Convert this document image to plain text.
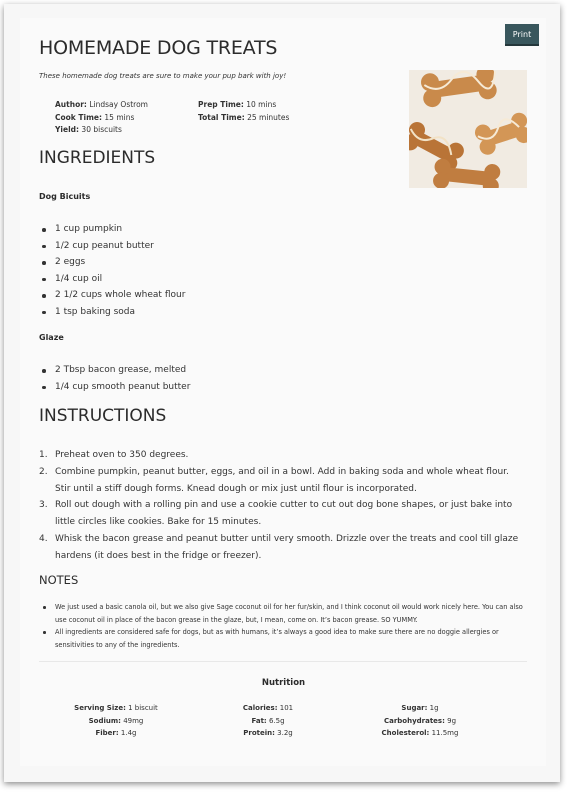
Print
HOMEMADE DOG TREATS
These homemade dog treats are sure to make your pup bark with joy!
Author: Lindsay Ostrom
Cook Time: 15 mins
Yield: 30 biscuits
Prep Time: 10 mins
Total Time: 25 minutes
INGREDIENTS
Dog Bicuits
1 cup pumpkin
1/2 cup peanut butter
2 eggs
1/4 cup oil
2 1/2 cups whole wheat flour
1 tsp baking soda
Glaze
2 Tbsp bacon grease, melted
1/4 cup smooth peanut butter
INSTRUCTIONS
1. Preheat oven to 350 degrees.
2. Combine pumpkin, peanut butter, eggs, and oil in a bowl. Add in baking soda and whole wheat flour. Stir until a stiff dough forms. Knead dough or mix just until flour is incorporated.
3. Roll out dough with a rolling pin and use a cookie cutter to cut out dog bone shapes, or just bake into little circles like cookies. Bake for 15 minutes.
4. Whisk the bacon grease and peanut butter until very smooth. Drizzle over the treats and cool till glaze hardens (it does best in the fridge or freezer).
NOTES
We just used a basic canola oil, but we also give Sage coconut oil for her fur/skin, and I think coconut oil would work nicely here. You can also use coconut oil in place of the bacon grease in the glaze, but, I mean, come on. It’s bacon grease. SO YUMMY.
All ingredients are considered safe for dogs, but as with humans, it’s always a good idea to make sure there are no doggie allergies or sensitivities to any of the ingredients.
Nutrition
Serving Size: 1 biscuit
Sodium: 49mg
Fiber: 1.4g
Calories: 101
Fat: 6.5g
Protein: 3.2g
Sugar: 1g
Carbohydrates: 9g
Cholesterol: 11.5mg
